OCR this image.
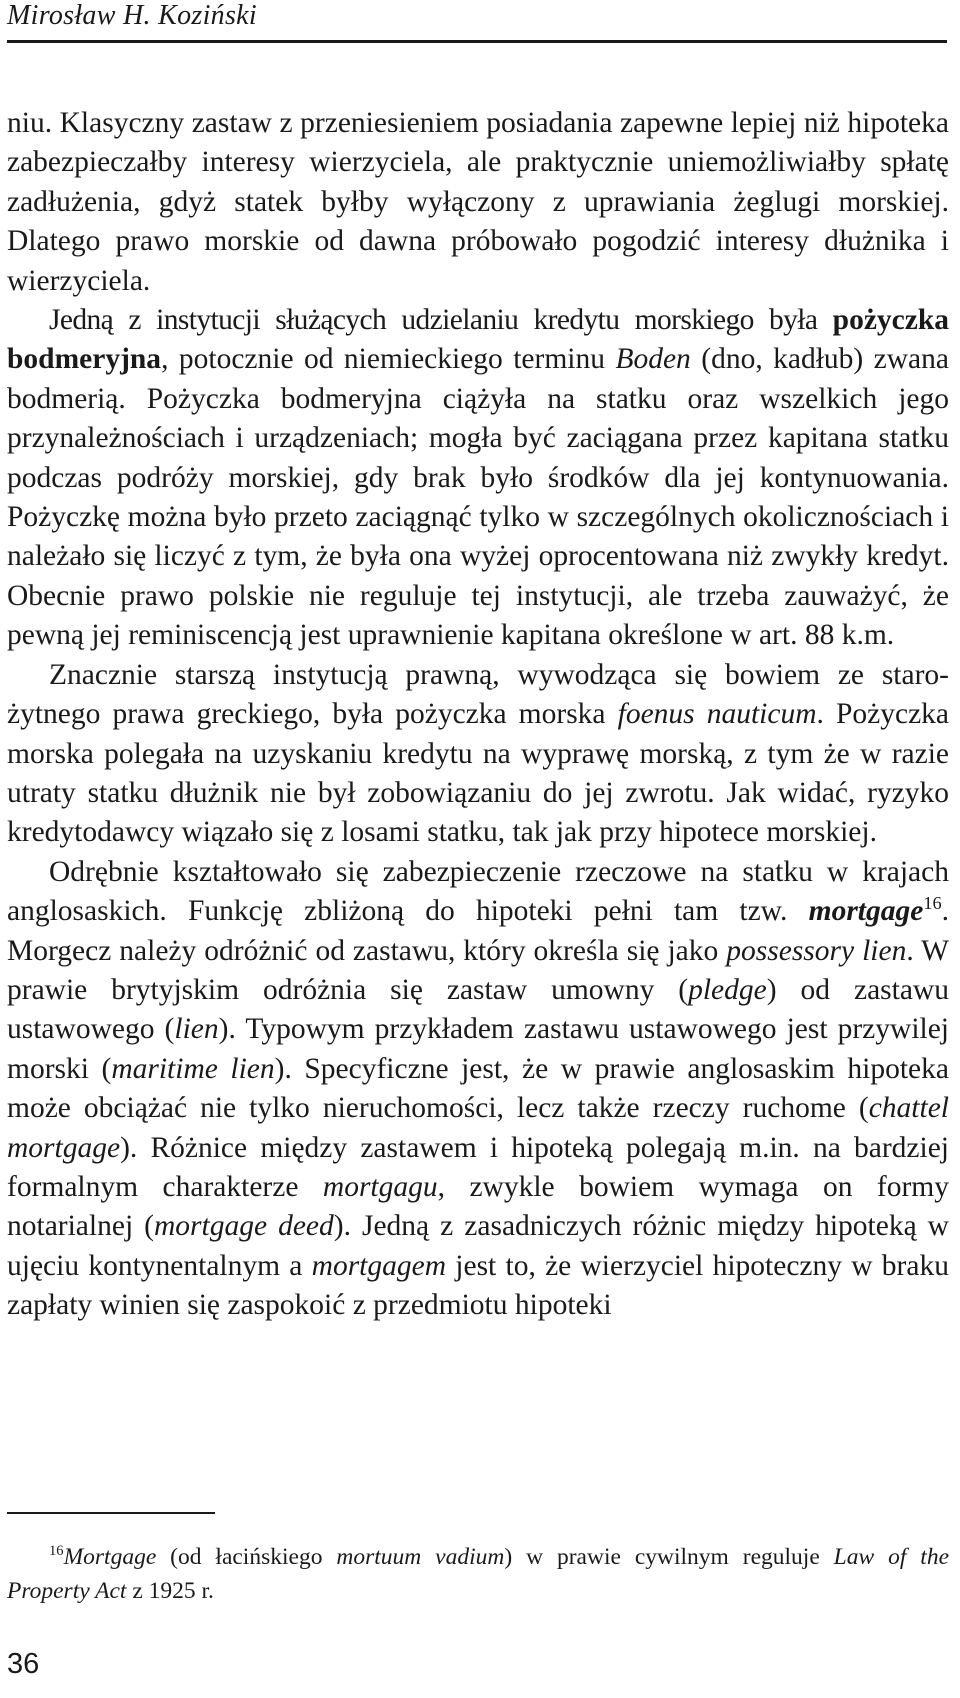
Mirosław H. Koziński

niu. Klasyczny zastaw z przeniesieniem posiadania zapewne lepiej niż hipoteka zabezpieczałby interesy wierzyciela, ale praktycznie uniemożliwiałby spłatę zadłużenia, gdyż statek byłby wyłączony z uprawiania żeglugi morskiej. Dlatego prawo morskie od dawna próbowało pogodzić interesy dłużnika i wierzyciela.

Jedną z instytucji służących udzielaniu kredytu morskiego była pożyczka bodmeryjna, potocznie od niemieckiego terminu Boden (dno, kadłub) zwana bodmerią. Pożyczka bodmeryjna ciążyła na statku oraz wszelkich jego przynależnościach i urządzeniach; mogła być zaciągana przez kapitana statku podczas podróży morskiej, gdy brak było środków dla jej kontynuowania. Pożyczkę można było przeto zaciągnąć tylko w szczególnych okolicznościach i należało się liczyć z tym, że była ona wyżej oprocentowana niż zwykły kredyt. Obecnie prawo polskie nie reguluje tej instytucji, ale trzeba zauważyć, że pewną jej reminiscencją jest uprawnienie kapitana określone w art. 88 k.m.

Znacznie starszą instytucją prawną, wywodząca się bowiem ze starożytnego prawa greckiego, była pożyczka morska foenus nauticum. Pożyczka morska polegała na uzyskaniu kredytu na wyprawę morską, z tym że w razie utraty statku dłużnik nie był zobowiązaniu do jej zwrotu. Jak widać, ryzyko kredytodawcy wiązało się z losami statku, tak jak przy hipotece morskiej.

Odrębnie kształtowało się zabezpieczenie rzeczowe na statku w krajach anglosaskich. Funkcję zbliżoną do hipoteki pełni tam tzw. mortgage$^{16}$. Morgecz należy odróżnić od zastawu, który określa się jako possessory lien. W prawie brytyjskim odróżnia się zastaw umowny (pledge) od zastawu ustawowego (lien). Typowym przykładem zastawu ustawowego jest przywilej morski (maritime lien). Specyficzne jest, że w prawie anglosaskim hipoteka może obciążać nie tylko nieruchomości, lecz także rzeczy ruchome (chattel mortgage). Różnice między zastawem i hipoteką polegają m.in. na bardziej formalnym charakterze mortgagu, zwykle bowiem wymaga on formy notarialnej (mortgage deed). Jedną z zasadniczych różnic między hipoteką w ujęciu kontynentalnym a mortgagem jest to, że wierzyciel hipoteczny w braku zapłaty winien się zaspokoić z przedmiotu hipoteki

$^{16}$Mortgage (od łacińskiego mortuum vadium) w prawie cywilnym reguluje Law of the Property Act z 1925 r.

36
